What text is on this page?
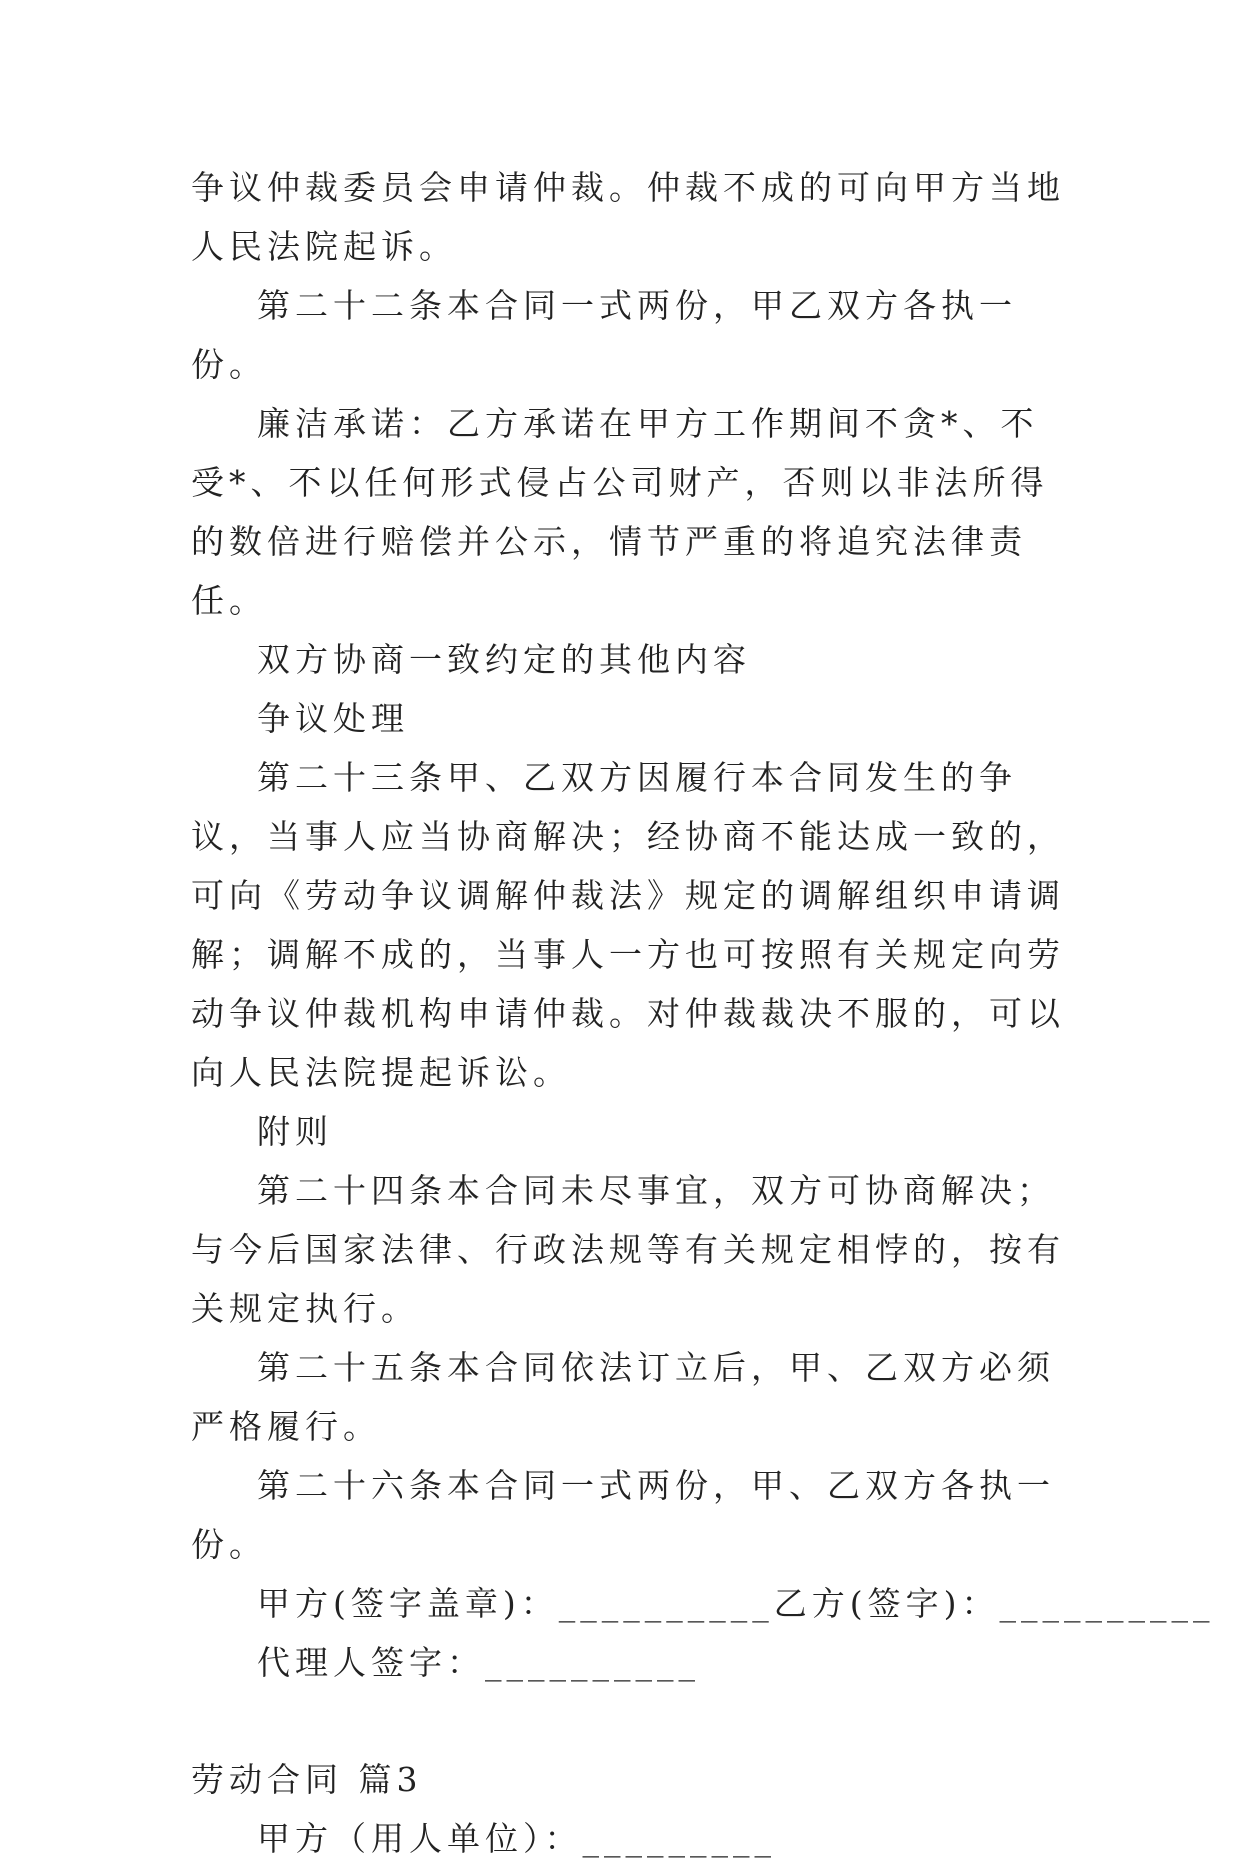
争议仲裁委员会申请仲裁。仲裁不成的可向甲方当地人民法院起诉。

第二十二条本合同一式两份，甲乙双方各执一份。

廉洁承诺：乙方承诺在甲方工作期间不贪*、不受*、不以任何形式侵占公司财产，否则以非法所得的数倍进行赔偿并公示，情节严重的将追究法律责任。

双方协商一致约定的其他内容

争议处理

第二十三条甲、乙双方因履行本合同发生的争议，当事人应当协商解决；经协商不能达成一致的，可向《劳动争议调解仲裁法》规定的调解组织申请调解；调解不成的，当事人一方也可按照有关规定向劳动争议仲裁机构申请仲裁。对仲裁裁决不服的，可以向人民法院提起诉讼。

附则

第二十四条本合同未尽事宜，双方可协商解决；与今后国家法律、行政法规等有关规定相悖的，按有关规定执行。

第二十五条本合同依法订立后，甲、乙双方必须严格履行。

第二十六条本合同一式两份，甲、乙双方各执一份。

甲方(签字盖章)：__________乙方(签字)：__________

代理人签字：__________

劳动合同 篇3

甲方（用人单位）：_________
